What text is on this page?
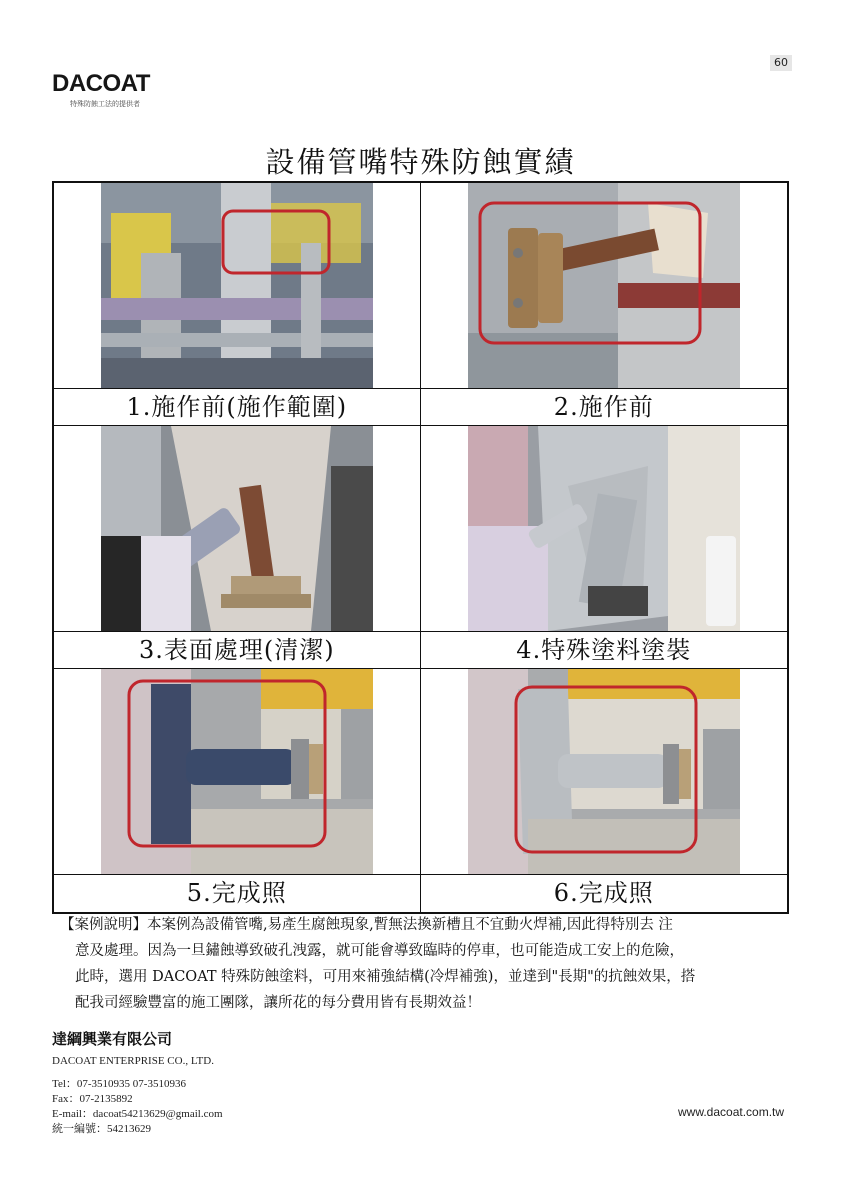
60
DACOAT
特殊防蝕工法的提供者
設備管嘴特殊防蝕實績
1.施作前(施作範圍)	2.施作前
3.表面處理(清潔)	4.特殊塗料塗裝
5.完成照	6.完成照

【案例說明】本案例為設備管嘴,易產生腐蝕現象,暫無法換新槽且不宜動火焊補,因此得特別去 注

意及處理。因為一旦鏽蝕導致破孔洩露，就可能會導致臨時的停車，也可能造成工安上的危險，

此時，選用 DACOAT 特殊防蝕塗料，可用來補強結構(冷焊補強)，並達到"長期"的抗蝕效果，搭

配我司經驗豐富的施工團隊，讓所花的每分費用皆有長期效益！

達綱興業有限公司
DACOAT ENTERPRISE CO., LTD.
Tel：07-3510935 07-3510936
Fax：07-2135892
E-mail：dacoat54213629@gmail.com
統一編號：54213629
www.dacoat.com.tw
